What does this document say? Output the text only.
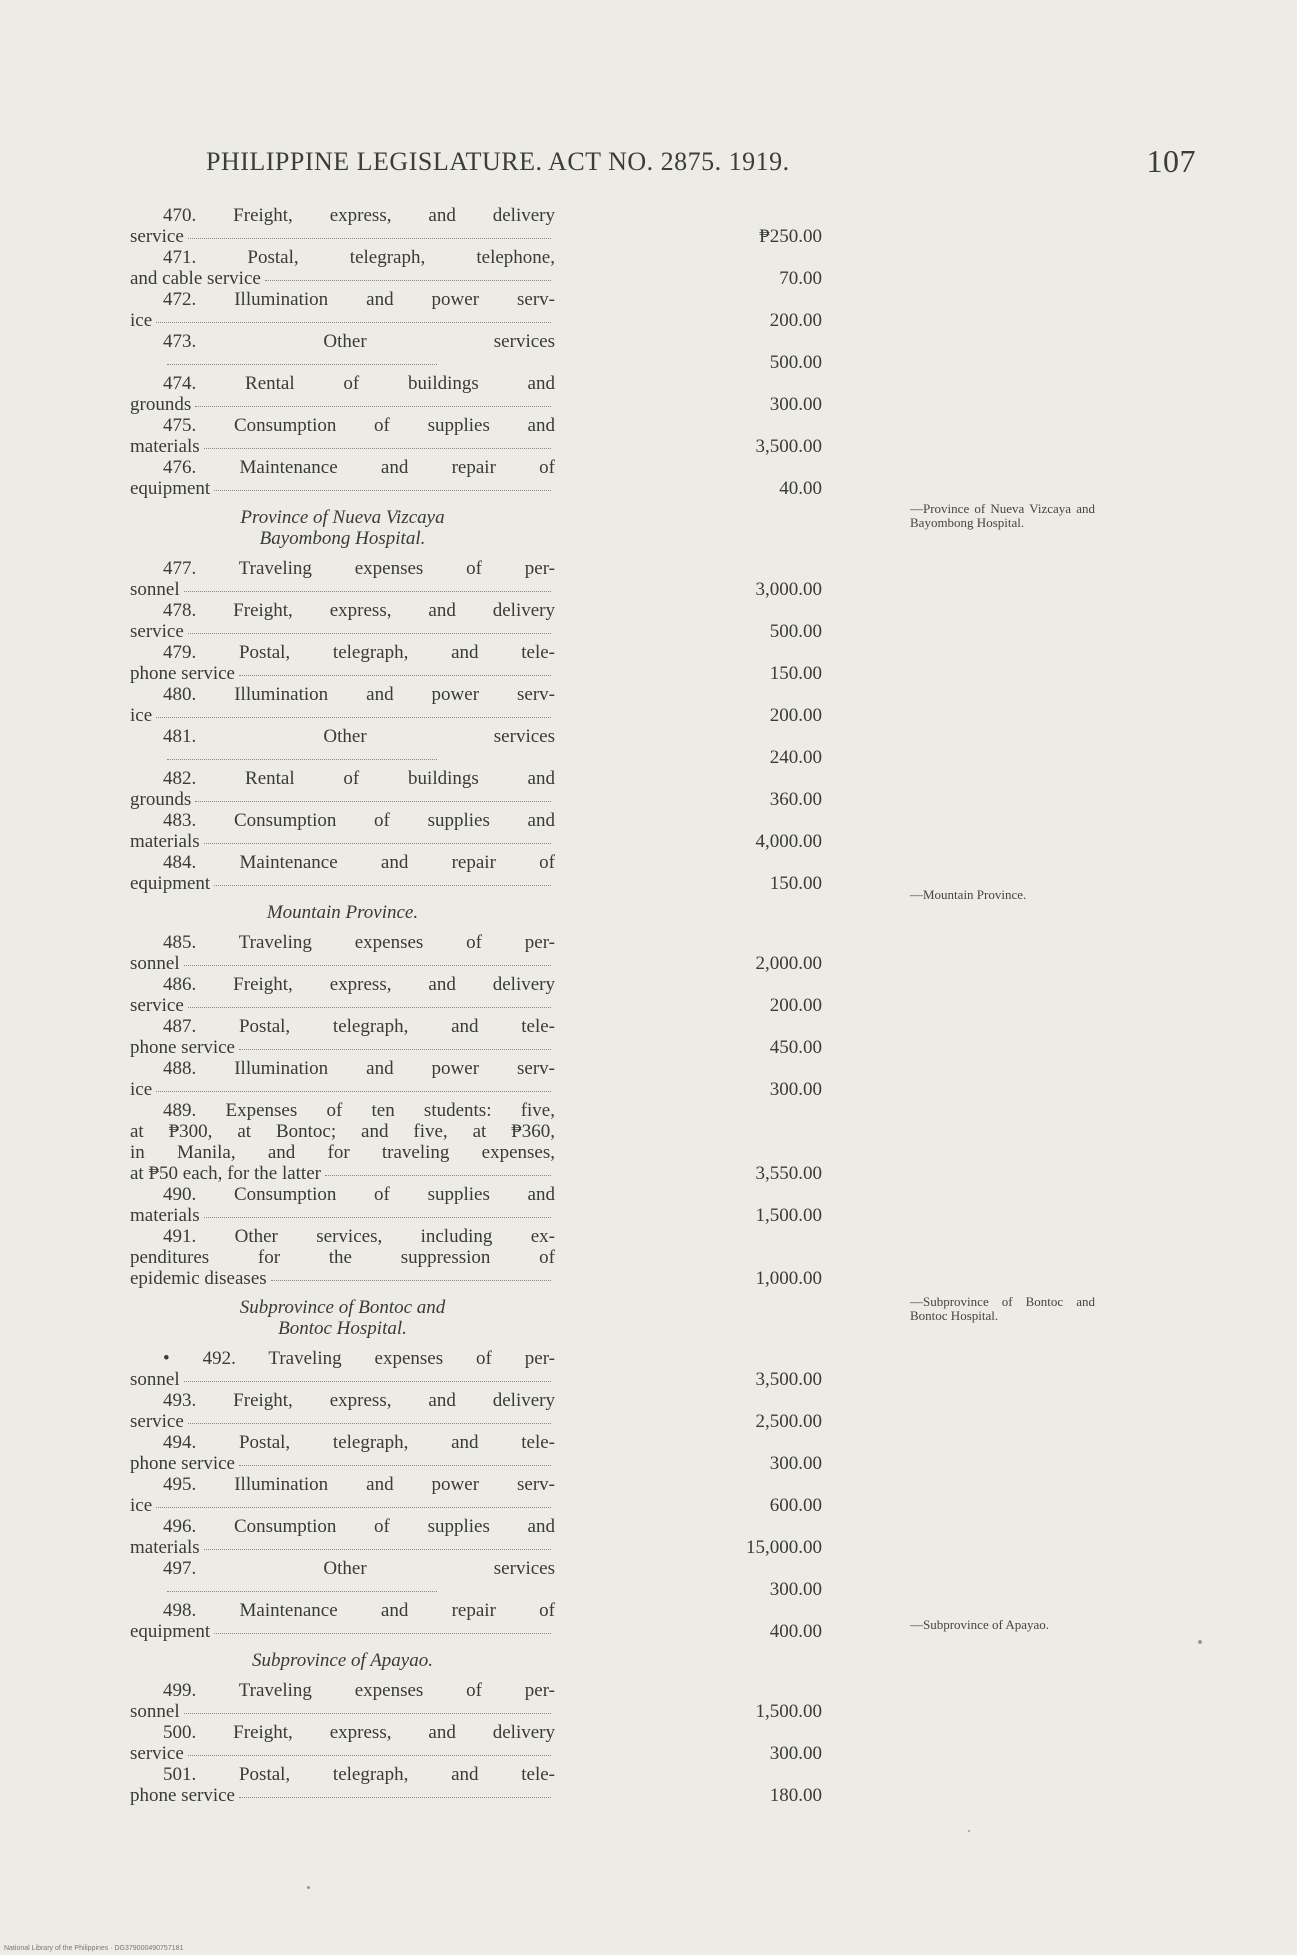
PHILIPPINE LEGISLATURE. ACT NO. 2875. 1919.	107
470. Freight, express, and delivery
service	₱250.00
471. Postal, telegraph, telephone,
and cable service	70.00
472. Illumination and power serv-
ice	200.00
473. Other services
500.00
474. Rental of buildings and
grounds	300.00
475. Consumption of supplies and
materials	3,500.00
476. Maintenance and repair of
equipment	40.00
Province of Nueva Vizcaya
Bayombong Hospital.
477. Traveling expenses of per-
sonnel	3,000.00
478. Freight, express, and delivery
service	500.00
479. Postal, telegraph, and tele-
phone service	150.00
480. Illumination and power serv-
ice	200.00
481. Other services
240.00
482. Rental of buildings and
grounds	360.00
483. Consumption of supplies and
materials	4,000.00
484. Maintenance and repair of
equipment	150.00
Mountain Province.
485. Traveling expenses of per-
sonnel	2,000.00
486. Freight, express, and delivery
service	200.00
487. Postal, telegraph, and tele-
phone service	450.00
488. Illumination and power serv-
ice	300.00
489. Expenses of ten students: five,
at ₱300, at Bontoc; and five, at ₱360,
in Manila, and for traveling expenses,
at ₱50 each, for the latter	3,550.00
490. Consumption of supplies and
materials	1,500.00
491. Other services, including ex-
penditures for the suppression of
epidemic diseases	1,000.00
Subprovince of Bontoc and
Bontoc Hospital.
• 492. Traveling expenses of per-
sonnel	3,500.00
493. Freight, express, and delivery
service	2,500.00
494. Postal, telegraph, and tele-
phone service	300.00
495. Illumination and power serv-
ice	600.00
496. Consumption of supplies and
materials	15,000.00
497. Other services
300.00
498. Maintenance and repair of
equipment	400.00
Subprovince of Apayao.
499. Traveling expenses of per-
sonnel	1,500.00
500. Freight, express, and delivery
service	300.00
501. Postal, telegraph, and tele-
phone service	180.00
—Province of Nueva Vizcaya and Bayombong Hospital.
—Mountain Province.
—Subprovince of Bontoc and Bontoc Hospital.
—Subprovince of Apayao.
National Library of the Philippines · DG379000490757181
